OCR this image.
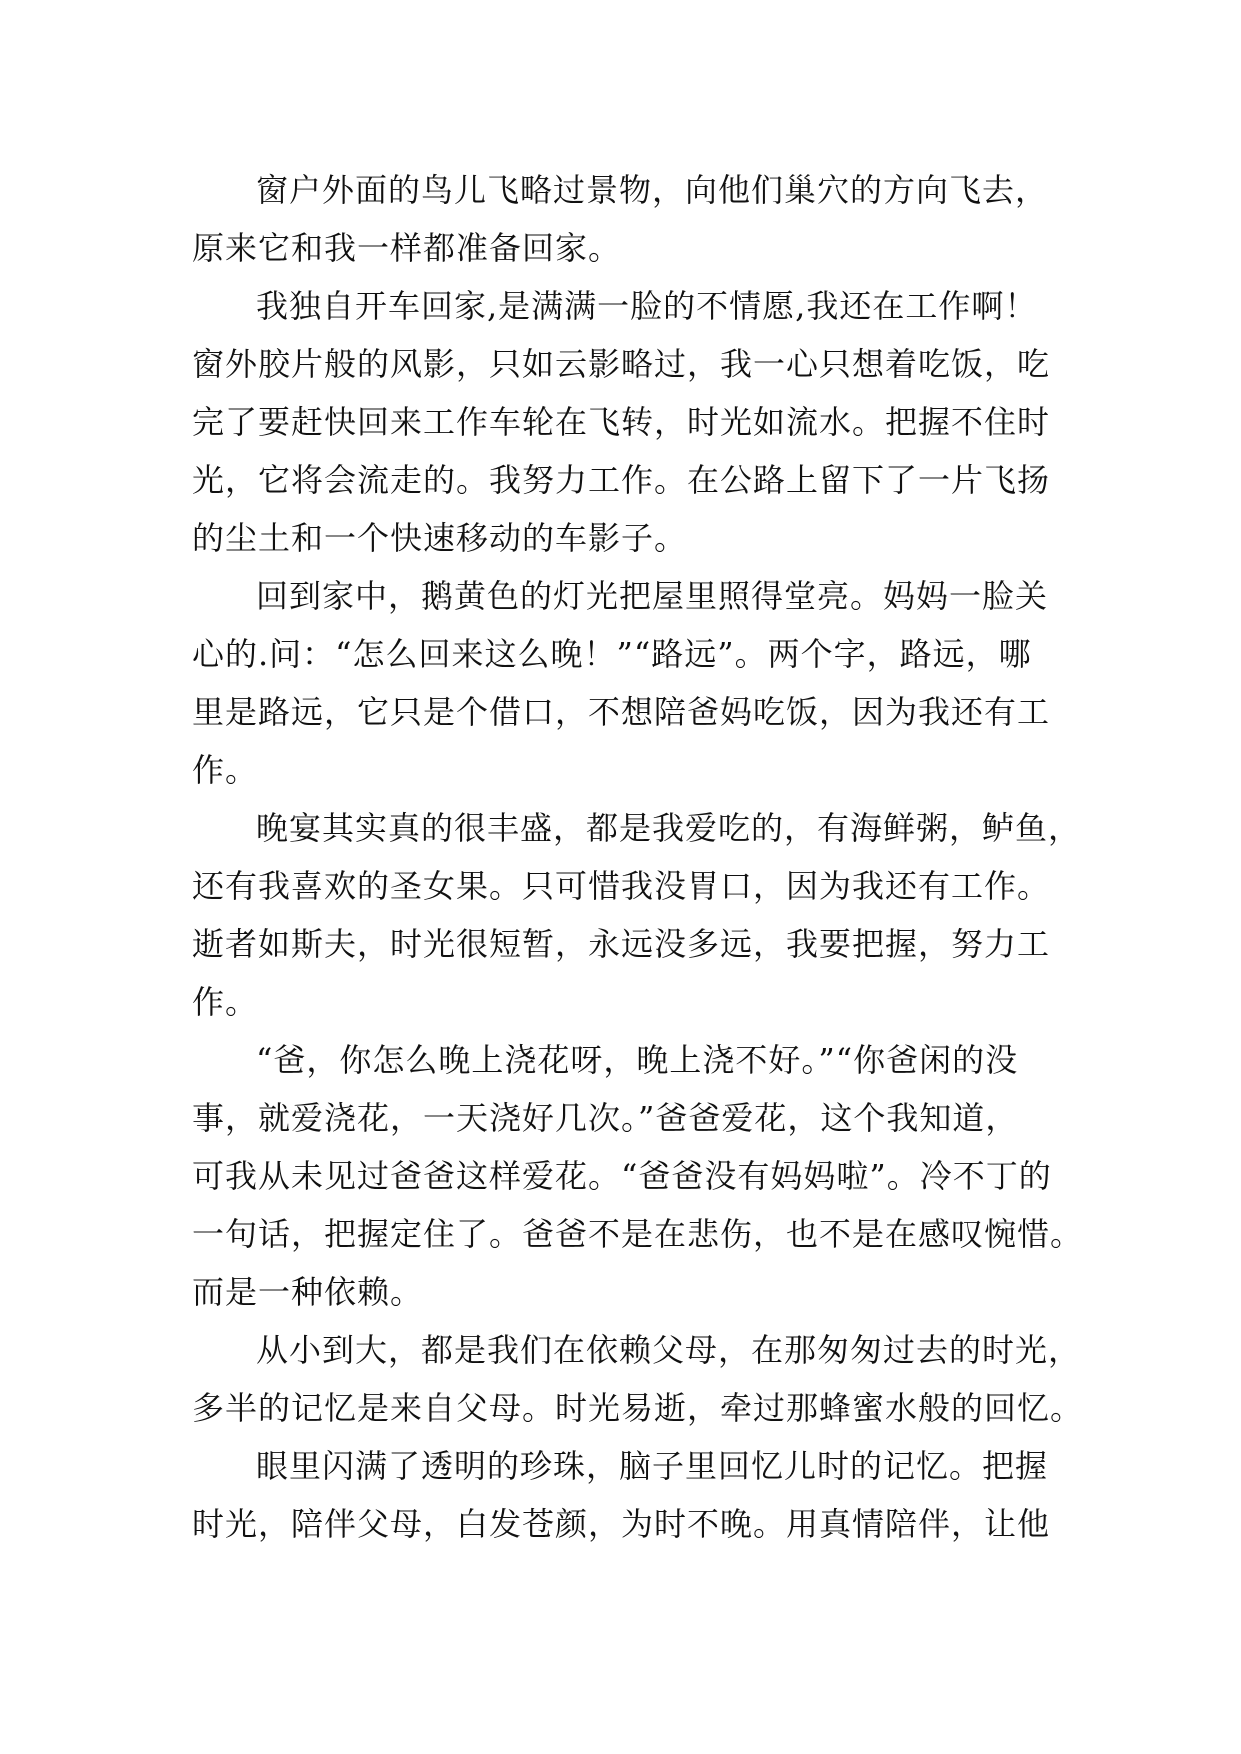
窗户外面的鸟儿飞略过景物，向他们巢穴的方向飞去，
原来它和我一样都准备回家。

我独自开车回家,是满满一脸的不情愿,我还在工作啊！
窗外胶片般的风影，只如云影略过，我一心只想着吃饭，吃
完了要赶快回来工作车轮在飞转，时光如流水。把握不住时
光，它将会流走的。我努力工作。在公路上留下了一片飞扬
的尘土和一个快速移动的车影子。

回到家中，鹅黄色的灯光把屋里照得堂亮。妈妈一脸关
心的.问：“怎么回来这么晚！”“路远”。两个字，路远，哪
里是路远，它只是个借口，不想陪爸妈吃饭，因为我还有工
作。

晚宴其实真的很丰盛，都是我爱吃的，有海鲜粥，鲈鱼，
还有我喜欢的圣女果。只可惜我没胃口，因为我还有工作。
逝者如斯夫，时光很短暂，永远没多远，我要把握，努力工
作。

“爸，你怎么晚上浇花呀，晚上浇不好。”“你爸闲的没
事，就爱浇花，一天浇好几次。”爸爸爱花，这个我知道，
可我从未见过爸爸这样爱花。“爸爸没有妈妈啦”。冷不丁的
一句话，把握定住了。爸爸不是在悲伤，也不是在感叹惋惜。
而是一种依赖。

从小到大，都是我们在依赖父母，在那匆匆过去的时光，
多半的记忆是来自父母。时光易逝，牵过那蜂蜜水般的回忆。

眼里闪满了透明的珍珠，脑子里回忆儿时的记忆。把握
时光，陪伴父母，白发苍颜，为时不晚。用真情陪伴，让他
